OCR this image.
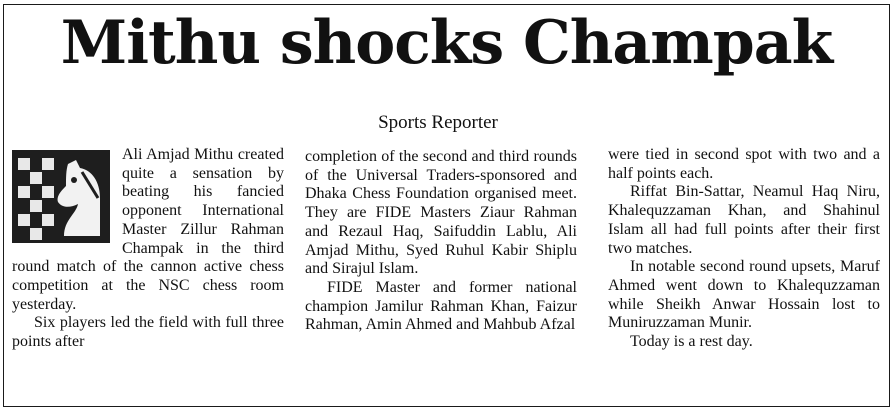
Mithu shocks Champak
Sports Reporter

Ali Amjad Mithu created quite a sensation by beating his fancied opponent International Master Zillur Rahman Champak in the third round match of the cannon active chess competition at the NSC chess room yesterday.

Six players led the field with full three points after

completion of the second and third rounds of the Universal Traders-sponsored and Dhaka Chess Foundation organised meet. They are FIDE Masters Ziaur Rahman and Rezaul Haq, Saifuddin Lablu, Ali Amjad Mithu, Syed Ruhul Kabir Shiplu and Sirajul Islam.

FIDE Master and former national champion Jamilur Rahman Khan, Faizur Rahman, Amin Ahmed and Mahbub Afzal

were tied in second spot with two and a half points each.

Riffat Bin-Sattar, Neamul Haq Niru, Khalequzzaman Khan, and Shahinul Islam all had full points after their first two matches.

In notable second round upsets, Maruf Ahmed went down to Khalequzzaman while Sheikh Anwar Hossain lost to Muniruzzaman Munir.

Today is a rest day.
